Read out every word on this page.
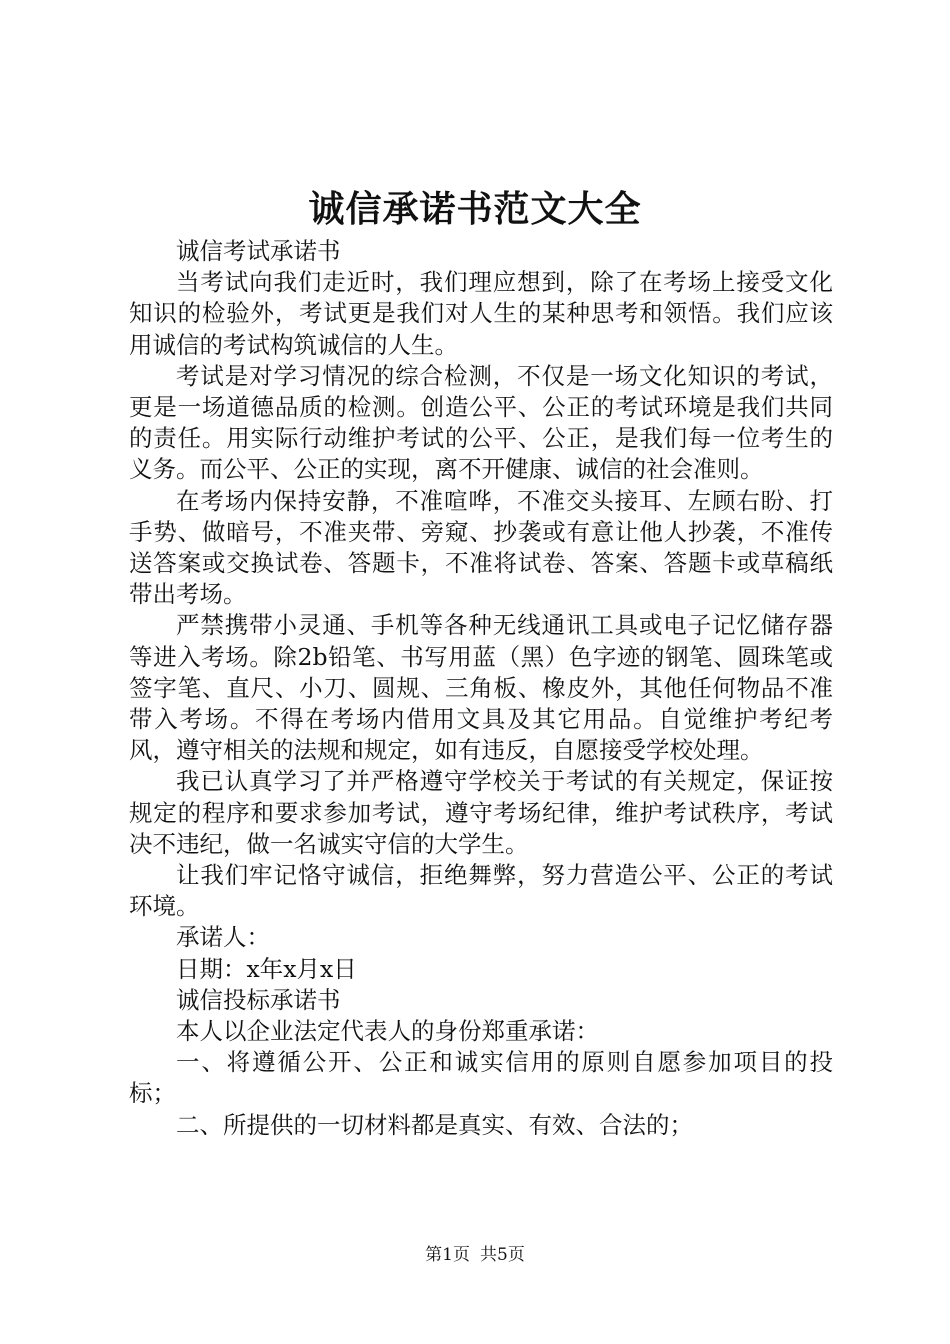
诚信承诺书范文大全

诚信考试承诺书

当考试向我们走近时，我们理应想到，除了在考场上接受文化知识的检验外，考试更是我们对人生的某种思考和领悟。我们应该用诚信的考试构筑诚信的人生。

考试是对学习情况的综合检测，不仅是一场文化知识的考试，更是一场道德品质的检测。创造公平、公正的考试环境是我们共同的责任。用实际行动维护考试的公平、公正，是我们每一位考生的义务。而公平、公正的实现，离不开健康、诚信的社会准则。

在考场内保持安静，不准喧哗，不准交头接耳、左顾右盼、打手势、做暗号，不准夹带、旁窥、抄袭或有意让他人抄袭，不准传送答案或交换试卷、答题卡，不准将试卷、答案、答题卡或草稿纸带出考场。

严禁携带小灵通、手机等各种无线通讯工具或电子记忆储存器等进入考场。除2b铅笔、书写用蓝（黑）色字迹的钢笔、圆珠笔或签字笔、直尺、小刀、圆规、三角板、橡皮外，其他任何物品不准带入考场。不得在考场内借用文具及其它用品。自觉维护考纪考风，遵守相关的法规和规定，如有违反，自愿接受学校处理。

我已认真学习了并严格遵守学校关于考试的有关规定，保证按规定的程序和要求参加考试，遵守考场纪律，维护考试秩序，考试决不违纪，做一名诚实守信的大学生。

让我们牢记恪守诚信，拒绝舞弊，努力营造公平、公正的考试环境。

承诺人：

日期：x年x月x日

诚信投标承诺书

本人以企业法定代表人的身份郑重承诺：

一、将遵循公开、公正和诚实信用的原则自愿参加项目的投标；

二、所提供的一切材料都是真实、有效、合法的；

第1页 共5页
